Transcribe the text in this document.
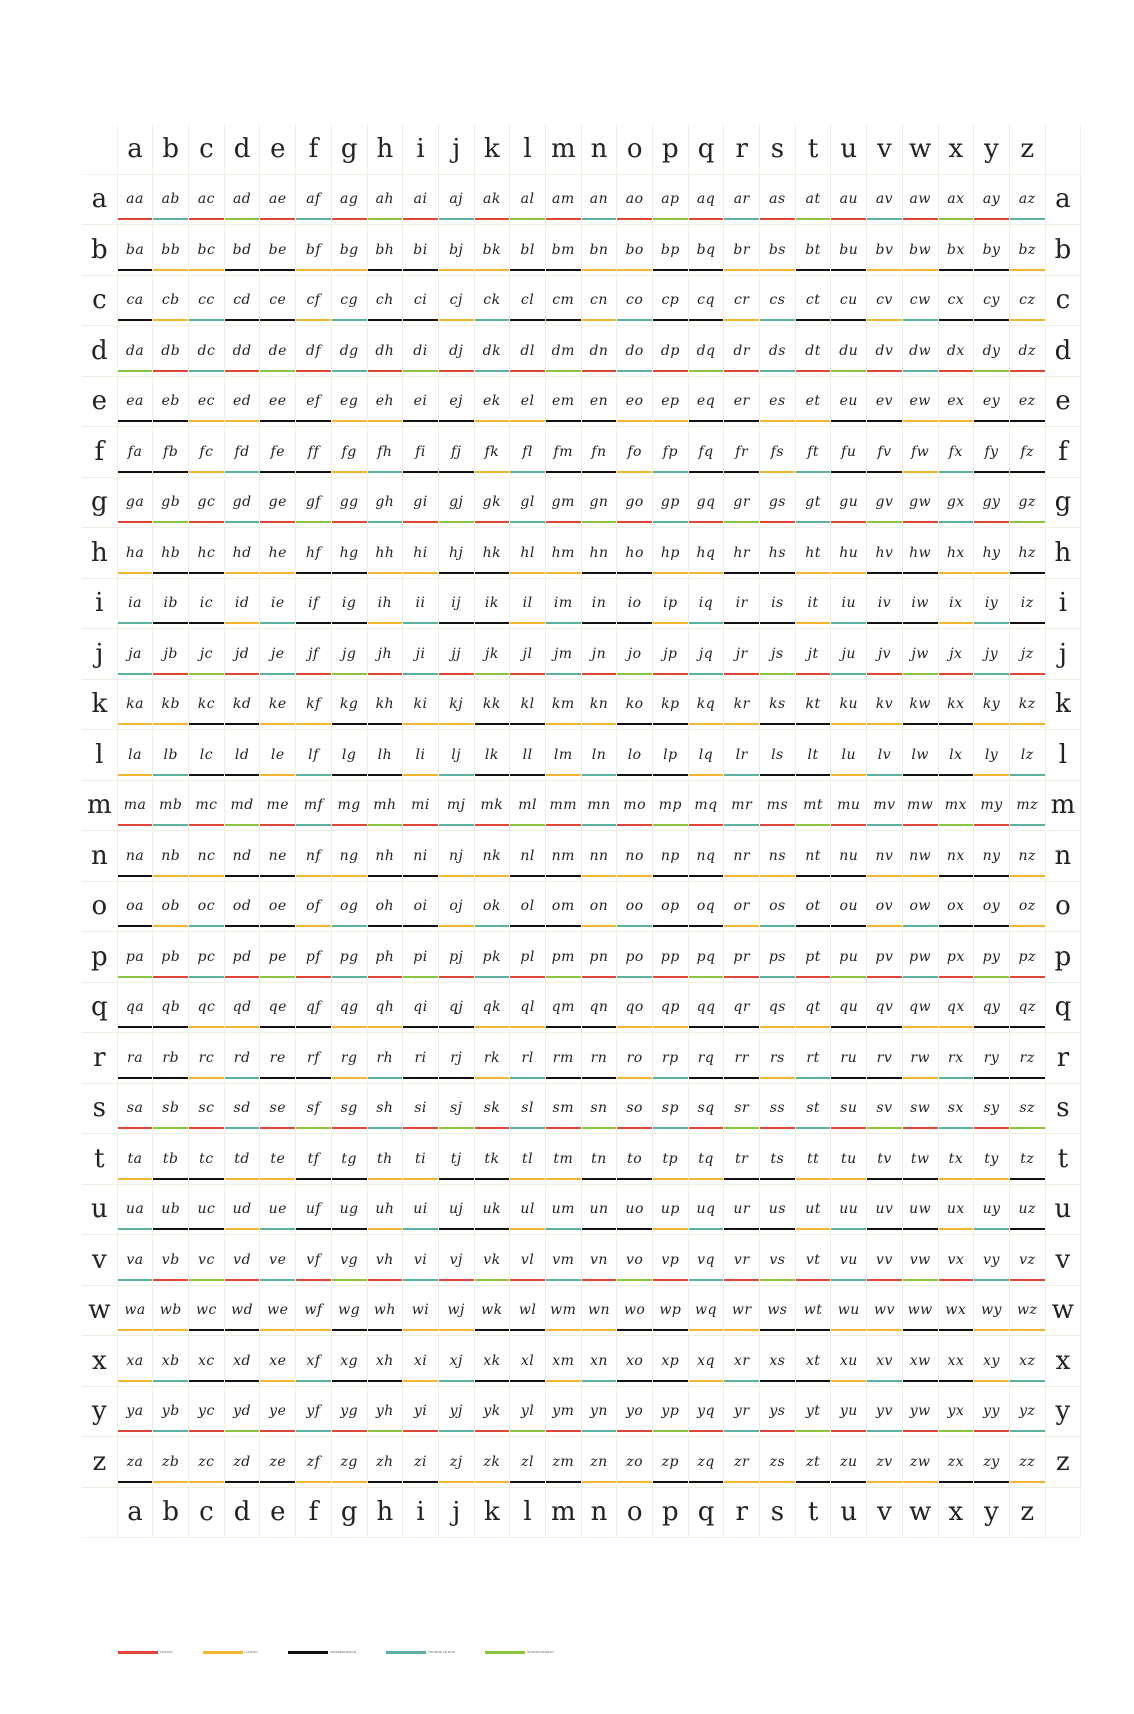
a b c d e f g h i j k l m n o p q r s t u v w x y z
a aa ab ac ad ae af ag ah ai aj ak al am an ao ap aq ar as at au av aw ax ay az a
b ba bb bc bd be bf bg bh bi bj bk bl bm bn bo bp bq br bs bt bu bv bw bx by bz b
c ca cb cc cd ce cf cg ch ci cj ck cl cm cn co cp cq cr cs ct cu cv cw cx cy cz c
d da db dc dd de df dg dh di dj dk dl dm dn do dp dq dr ds dt du dv dw dx dy dz d
e ea eb ec ed ee ef eg eh ei ej ek el em en eo ep eq er es et eu ev ew ex ey ez e
f fa fb fc fd fe ff fg fh fi fj fk fl fm fn fo fp fq fr fs ft fu fv fw fx fy fz f
g ga gb gc gd ge gf gg gh gi gj gk gl gm gn go gp gq gr gs gt gu gv gw gx gy gz g
h ha hb hc hd he hf hg hh hi hj hk hl hm hn ho hp hq hr hs ht hu hv hw hx hy hz h
i ia ib ic id ie if ig ih ii ij ik il im in io ip iq ir is it iu iv iw ix iy iz i
j ja jb jc jd je jf jg jh ji jj jk jl jm jn jo jp jq jr js jt ju jv jw jx jy jz j
k ka kb kc kd ke kf kg kh ki kj kk kl km kn ko kp kq kr ks kt ku kv kw kx ky kz k
l la lb lc ld le lf lg lh li lj lk ll lm ln lo lp lq lr ls lt lu lv lw lx ly lz l
m ma mb mc md me mf mg mh mi mj mk ml mm mn mo mp mq mr ms mt mu mv mw mx my mz m
n na nb nc nd ne nf ng nh ni nj nk nl nm nn no np nq nr ns nt nu nv nw nx ny nz n
o oa ob oc od oe of og oh oi oj ok ol om on oo op oq or os ot ou ov ow ox oy oz o
p pa pb pc pd pe pf pg ph pi pj pk pl pm pn po pp pq pr ps pt pu pv pw px py pz p
q qa qb qc qd qe qf qg qh qi qj qk ql qm qn qo qp qq qr qs qt qu qv qw qx qy qz q
r ra rb rc rd re rf rg rh ri rj rk rl rm rn ro rp rq rr rs rt ru rv rw rx ry rz r
s sa sb sc sd se sf sg sh si sj sk sl sm sn so sp sq sr ss st su sv sw sx sy sz s
t ta tb tc td te tf tg th ti tj tk tl tm tn to tp tq tr ts tt tu tv tw tx ty tz t
u ua ub uc ud ue uf ug uh ui uj uk ul um un uo up uq ur us ut uu uv uw ux uy uz u
v va vb vc vd ve vf vg vh vi vj vk vl vm vn vo vp vq vr vs vt vu vv vw vx vy vz v
w wa wb wc wd we wf wg wh wi wj wk wl wm wn wo wp wq wr ws wt wu wv ww wx wy wz w
x xa xb xc xd xe xf xg xh xi xj xk xl xm xn xo xp xq xr xs xt xu xv xw xx xy xz x
y ya yb yc yd ye yf yg yh yi yj yk yl ym yn yo yp yq yr ys yt yu yv yw yx yy yz y
z za zb zc zd ze zf zg zh zi zj zk zl zm zn zo zp zq zr zs zt zu zv zw zx zy zz z
a b c d e f g h i j k l m n o p q r s t u v w x y z
FUSION	LIAISON	INDEPENDENCE	TOURNE LE DOS	AFFRONTEMENT
